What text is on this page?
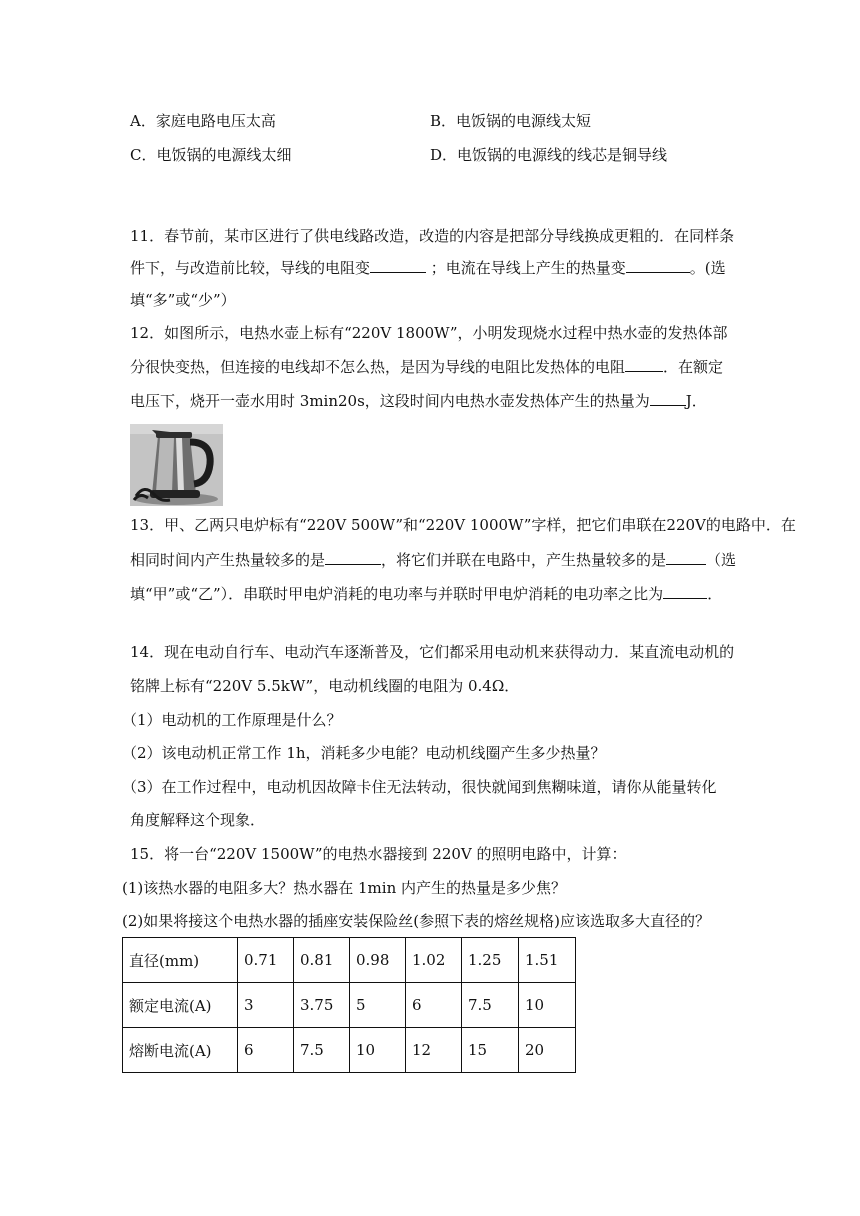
A．家庭电路电压太高	B．电饭锅的电源线太短
C．电饭锅的电源线太细	D．电饭锅的电源线的线芯是铜导线
11．春节前，某市区进行了供电线路改造，改造的内容是把部分导线换成更粗的．在同样条
件下，与改造前比较，导线的电阻变	；电流在导线上产生的热量变	。(选
填“多”或“少”）
12．如图所示，电热水壶上标有“220V 1800W”，小明发现烧水过程中热水壶的发热体部
分很快变热，但连接的电线却不怎么热，是因为导线的电阻比发热体的电阻	．在额定
电压下，烧开一壶水用时 3min20s，这段时间内电热水壶发热体产生的热量为 J．
13．甲、乙两只电炉标有“220V 500W”和“220V 1000W”字样，把它们串联在220V的电路中．在
相同时间内产生热量较多的是	，将它们并联在电路中，产生热量较多的是	（选
填“甲”或“乙”）．串联时甲电炉消耗的电功率与并联时甲电炉消耗的电功率之比为	．
14．现在电动自行车、电动汽车逐渐普及，它们都采用电动机来获得动力．某直流电动机的
铭牌上标有“220V 5.5kW”，电动机线圈的电阻为 0.4Ω．
（1）电动机的工作原理是什么？
（2）该电动机正常工作 1h，消耗多少电能？电动机线圈产生多少热量？
（3）在工作过程中，电动机因故障卡住无法转动，很快就闻到焦糊味道，请你从能量转化
角度解释这个现象．
15．将一台“220V 1500W”的电热水器接到 220V 的照明电路中，计算：
(1)该热水器的电阻多大？热水器在 1min 内产生的热量是多少焦？
(2)如果将接这个电热水器的插座安装保险丝(参照下表的熔丝规格)应该选取多大直径的？
直径(mm)	0.71	0.81	0.98	1.02	1.25	1.51
额定电流(A)	3	3.75	5	6	7.5	10
熔断电流(A)	6	7.5	10	12	15	20
